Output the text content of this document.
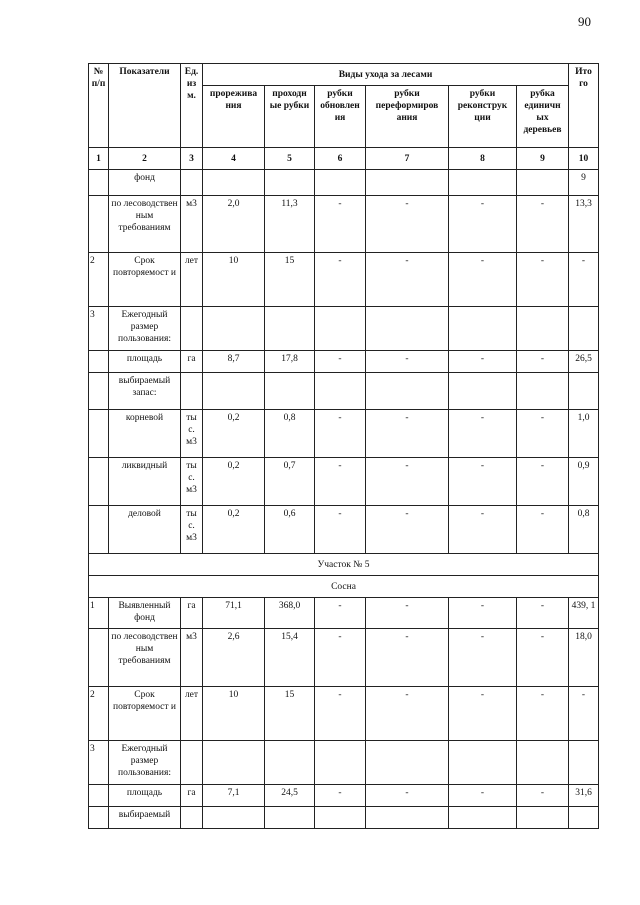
90
№ п/п	Показатели	Ед. из м.	Виды ухода за лесами						Ито го
			прорежива ния	проходн ые рубки	рубки обновлен ия	рубки переформиров ания	рубки реконструк ции	рубка единичн ых деревьев	
1	2	3	4	5	6	7	8	9	10
	фонд								9
	по лесоводствен ным требованиям	м3	2,0	11,3	-	-	-	-	13,3
2	Срок повторяемост и	лет	10	15	-	-	-	-	-
3	Ежегодный размер пользования:								
	площадь	га	8,7	17,8	-	-	-	-	26,5
	выбираемый запас:								
	корневой	ты с. м3	0,2	0,8	-	-	-	-	1,0
	ликвидный	ты с. м3	0,2	0,7	-	-	-	-	0,9
	деловой	ты с. м3	0,2	0,6	-	-	-	-	0,8
Участок № 5									
Сосна									
1	Выявленный фонд	га	71,1	368,0	-	-	-	-	439, 1
	по лесоводствен ным требованиям	м3	2,6	15,4	-	-	-	-	18,0
2	Срок повторяемост и	лет	10	15	-	-	-	-	-
3	Ежегодный размер пользования:								
	площадь	га	7,1	24,5	-	-	-	-	31,6
	выбираемый								
